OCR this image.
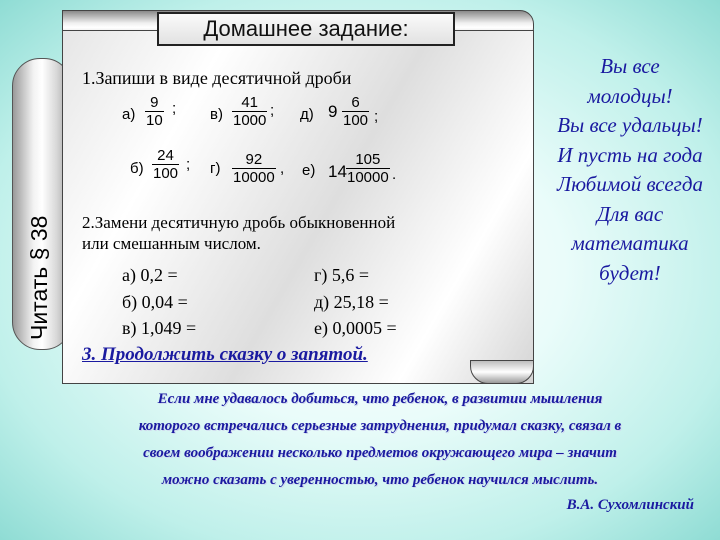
Домашнее задание:
Читать § 38
1.Запиши в виде десятичной дроби
$а) \frac{9}{10}$ ; $в) \frac{41}{1000}$ ; д) $9 \frac{6}{100}$ ;
$б) \frac{24}{100}$ ; $г) \frac{92}{10000}$ , е) $14 \frac{105}{10000}$ .
2.Замени десятичную дробь обыкновенной
или смешанным числом.
а) 0,2 =	г) 5,6 =
б) 0,04 =	д) 25,18 =
в) 1,049 =	е) 0,0005 =
3. Продолжить сказку о запятой.
Вы все
молодцы!
Вы все удальцы!
И пусть на года
Любимой всегда
Для вас
математика
будет!
Если мне удавалось добиться, что ребенок, в развитии мышления
которого встречались серьезные затруднения, придумал сказку, связал в
своем воображении несколько предметов окружающего мира – значит
можно сказать с уверенностью, что ребенок научился мыслить.
В.А. Сухомлинский
